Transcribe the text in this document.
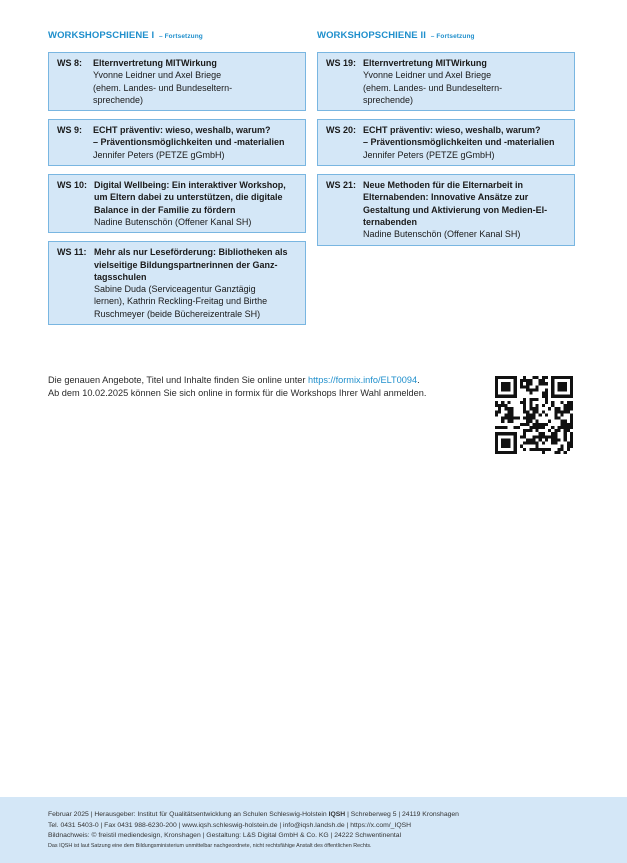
WORKSHOPSCHIENE I – Fortsetzung
WS 8:	Elternvertretung MITWirkung
Yvonne Leidner und Axel Briege
(ehem. Landes- und Bundeseltern-
sprechende)
WS 9:	ECHT präventiv: wieso, weshalb, warum?
– Präventionsmöglichkeiten und -materialien
Jennifer Peters (PETZE gGmbH)
WS 10: Digital Wellbeing: Ein interaktiver Workshop,
um Eltern dabei zu unterstützen, die digitale
Balance in der Familie zu fördern
Nadine Butenschön (Offener Kanal SH)
WS 11: Mehr als nur Leseförderung: Bibliotheken als
vielseitige Bildungspartnerinnen der Ganz-
tagsschulen
Sabine Duda (Serviceagentur Ganztägig
lernen), Kathrin Reckling-Freitag und Birthe
Ruschmeyer (beide Büchereizentrale SH)
WORKSHOPSCHIENE II – Fortsetzung
WS 19: Elternvertretung MITWirkung
Yvonne Leidner und Axel Briege
(ehem. Landes- und Bundeseltern-
sprechende)
WS 20: ECHT präventiv: wieso, weshalb, warum?
– Präventionsmöglichkeiten und -materialien
Jennifer Peters (PETZE gGmbH)
WS 21: Neue Methoden für die Elternarbeit in
Elternabenden: Innovative Ansätze zur
Gestaltung und Aktivierung von Medien-El-
ternabenden
Nadine Butenschön (Offener Kanal SH)
Die genauen Angebote, Titel und Inhalte finden Sie online unter https://formix.info/ELT0094.
Ab dem 10.02.2025 können Sie sich online in formix für die Workshops Ihrer Wahl anmelden.
Februar 2025 | Herausgeber: Institut für Qualitätsentwicklung an Schulen Schleswig-Holstein IQSH | Schreberweg 5 | 24119 Kronshagen
Tel. 0431 5403-0 | Fax 0431 988-6230-200 | www.iqsh.schleswig-holstein.de | info@iqsh.landsh.de | https://x.com/_IQSH
Bildnachweis: © freistil mediendesign, Kronshagen | Gestaltung: L&S Digital GmbH & Co. KG | 24222 Schwentinental
Das IQSH ist laut Satzung eine dem Bildungsministerium unmittelbar nachgeordnete, nicht rechtsfähige Anstalt des öffentlichen Rechts.
